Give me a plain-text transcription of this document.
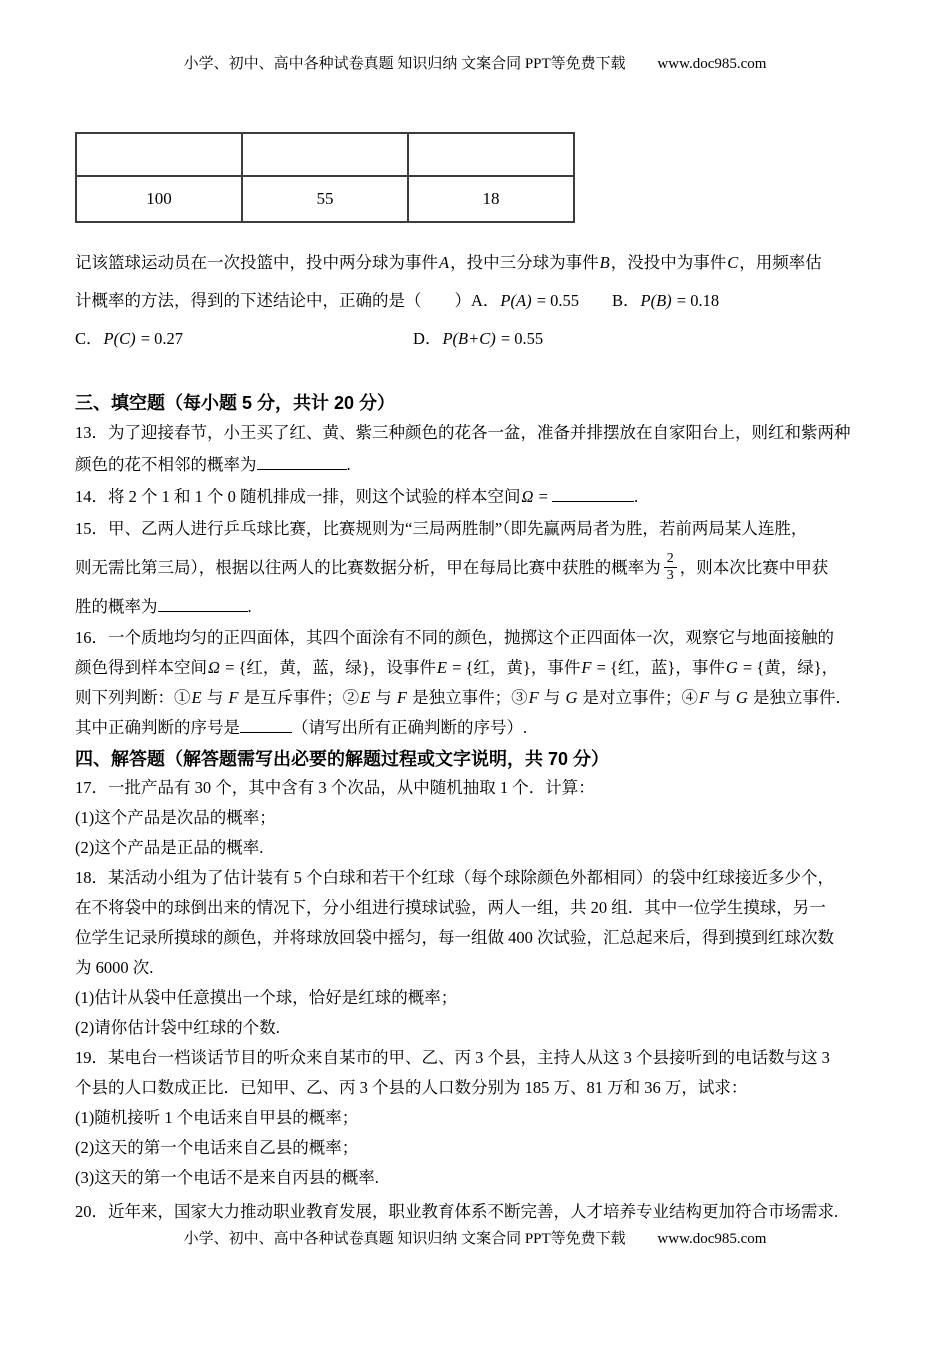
小学、初中、高中各种试卷真题 知识归纳 文案合同 PPT等免费下载 www.doc985.com

100	55	18
记该篮球运动员在一次投篮中，投中两分球为事件A，投中三分球为事件B，没投中为事件C，用频率估
计概率的方法，得到的下述结论中，正确的是（　　）A．P(A) = 0.55　　B．P(B) = 0.18
C．P(C) = 0.27	D．P(B+C) = 0.55
三、填空题（每小题 5 分，共计 20 分）
13．为了迎接春节，小王买了红、黄、紫三种颜色的花各一盆，准备并排摆放在自家阳台上，则红和紫两种
颜色的花不相邻的概率为	.
14．将 2 个 1 和 1 个 0 随机排成一排，则这个试验的样本空间Ω =	.
15．甲、乙两人进行乒乓球比赛，比赛规则为“三局两胜制”（即先赢两局者为胜，若前两局某人连胜，
则无需比第三局），根据以往两人的比赛数据分析，甲在每局比赛中获胜的概率为 $\frac{2}{3}$ ，则本次比赛中甲获
胜的概率为	.
16．一个质地均匀的正四面体，其四个面涂有不同的颜色，抛掷这个正四面体一次，观察它与地面接触的
颜色得到样本空间Ω = {红，黄，蓝，绿}，设事件E = {红，黄}，事件F = {红，蓝}，事件G = {黄，绿}，
则下列判断：①E 与 F 是互斥事件；②E 与 F 是独立事件；③F 与 G 是对立事件；④F 与 G 是独立事件．
其中正确判断的序号是	（请写出所有正确判断的序号）.
四、解答题（解答题需写出必要的解题过程或文字说明，共 70 分）
17．一批产品有 30 个，其中含有 3 个次品，从中随机抽取 1 个．计算：
(1)这个产品是次品的概率；
(2)这个产品是正品的概率.
18．某活动小组为了估计装有 5 个白球和若干个红球（每个球除颜色外都相同）的袋中红球接近多少个，
在不将袋中的球倒出来的情况下，分小组进行摸球试验，两人一组，共 20 组．其中一位学生摸球，另一
位学生记录所摸球的颜色，并将球放回袋中摇匀，每一组做 400 次试验，汇总起来后，得到摸到红球次数
为 6000 次.
(1)估计从袋中任意摸出一个球，恰好是红球的概率；
(2)请你估计袋中红球的个数.
19．某电台一档谈话节目的听众来自某市的甲、乙、丙 3 个县，主持人从这 3 个县接听到的电话数与这 3
个县的人口数成正比．已知甲、乙、丙 3 个县的人口数分别为 185 万、81 万和 36 万，试求：
(1)随机接听 1 个电话来自甲县的概率；
(2)这天的第一个电话来自乙县的概率；
(3)这天的第一个电话不是来自丙县的概率.
20．近年来，国家大力推动职业教育发展，职业教育体系不断完善，人才培养专业结构更加符合市场需求.
小学、初中、高中各种试卷真题 知识归纳 文案合同 PPT等免费下载 www.doc985.com
